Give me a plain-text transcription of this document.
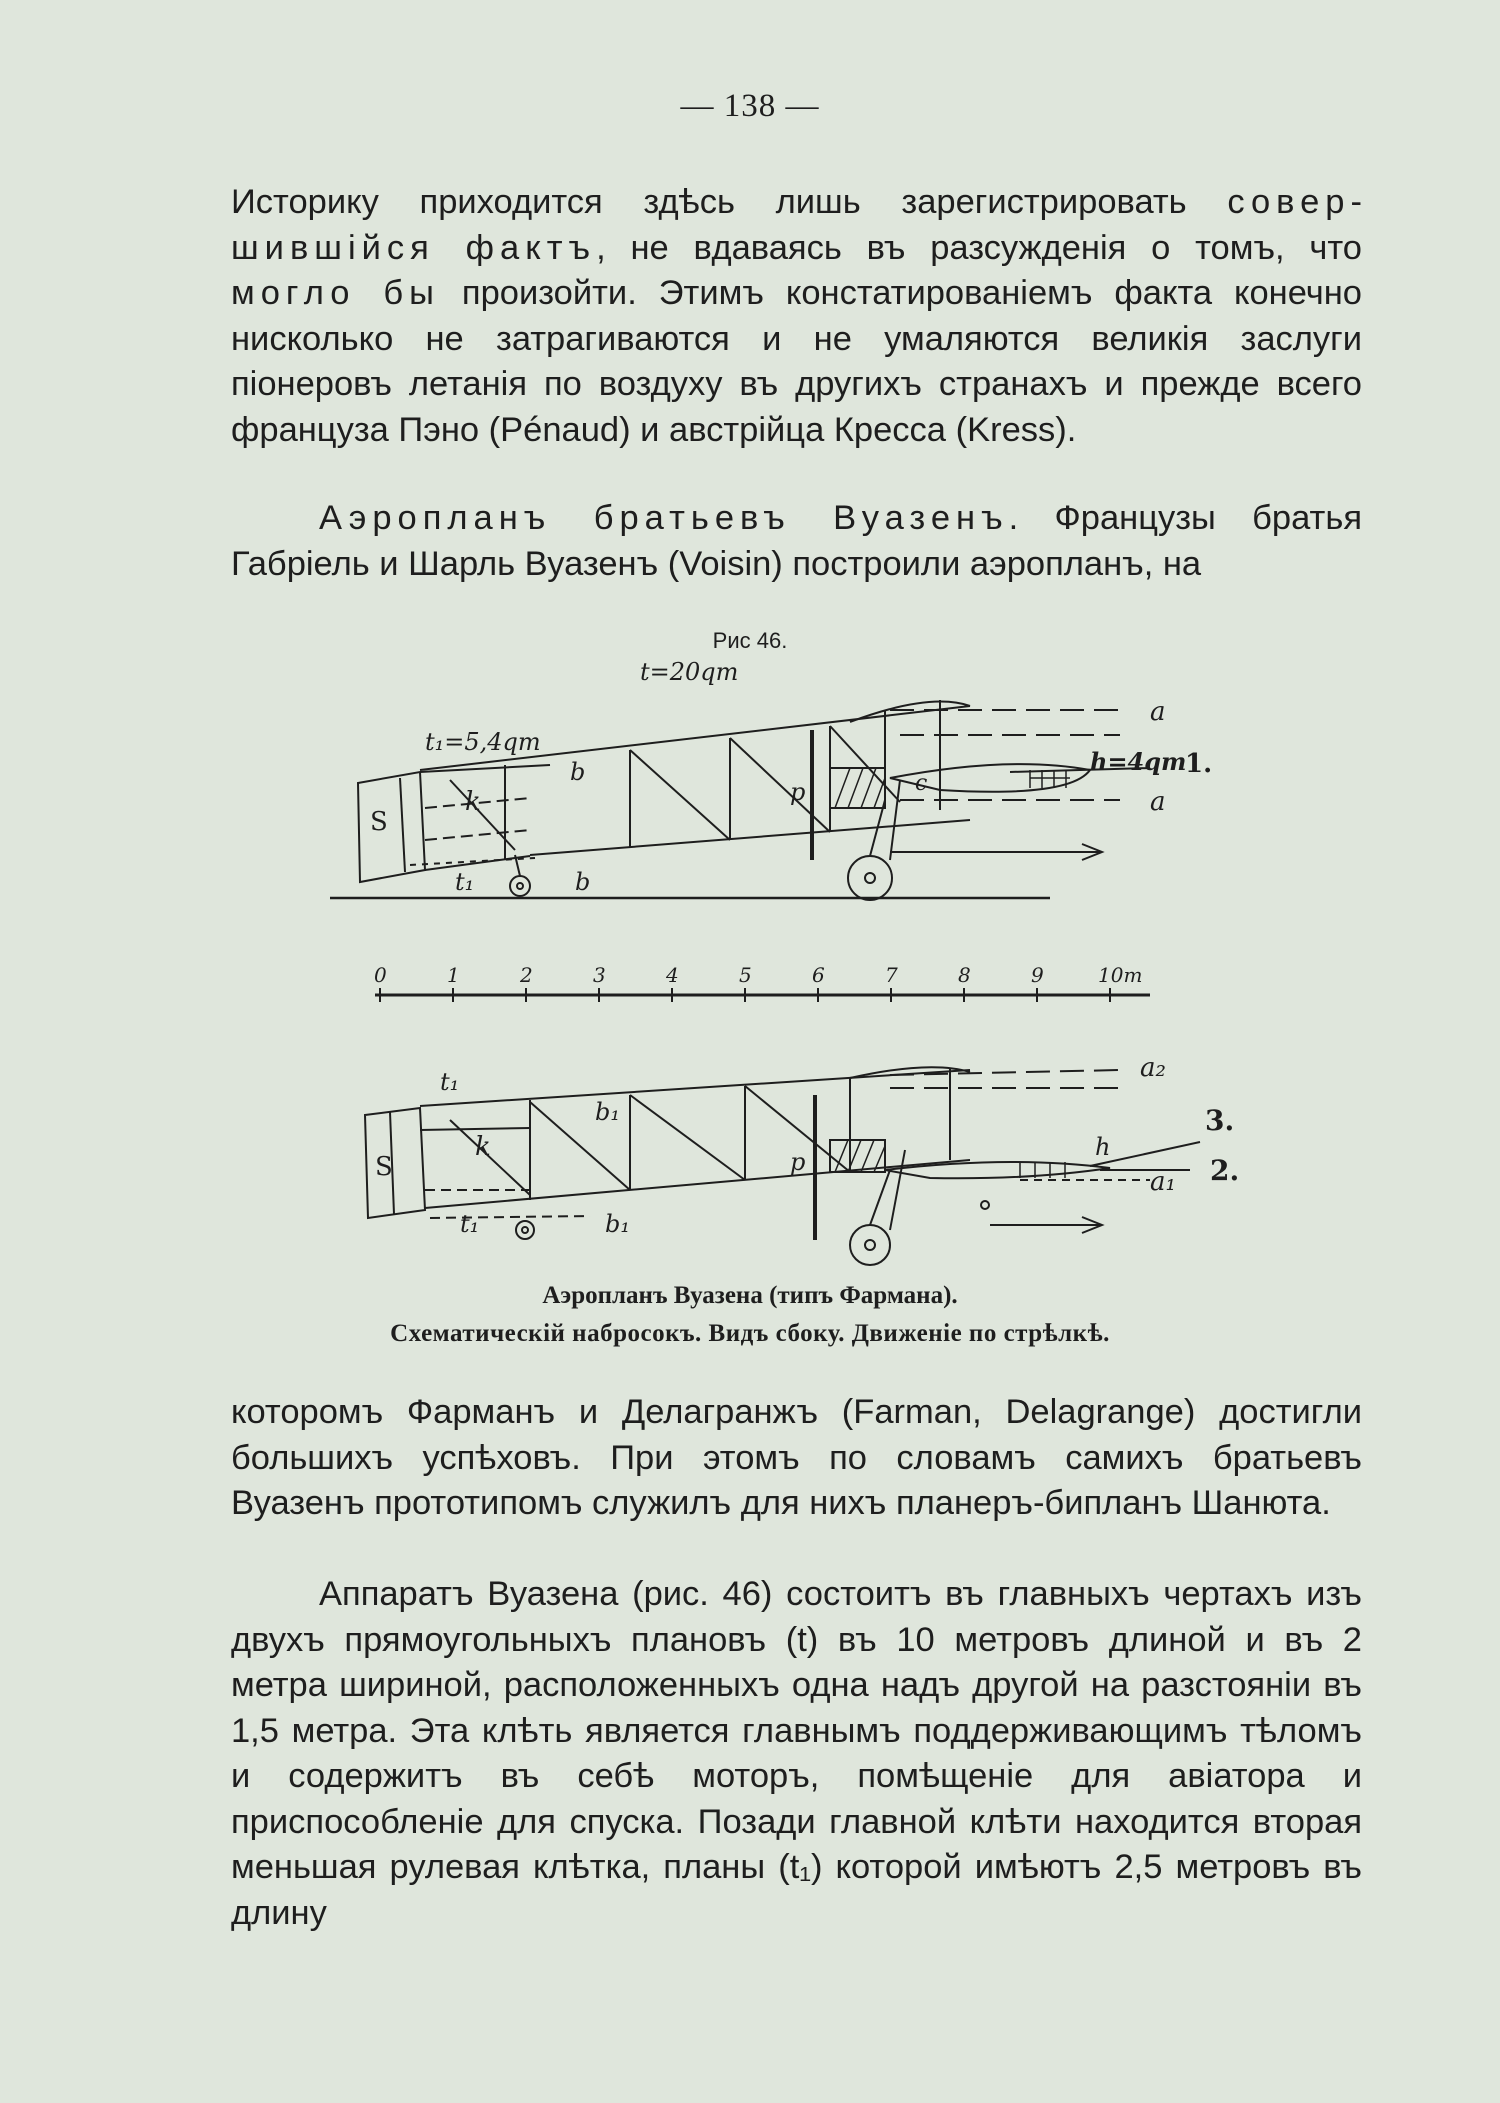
— 138 —

Историку приходится здѣсь лишь зарегистрировать совершившійся фактъ, не вдаваясь въ разсужденія о томъ, что могло бы произойти. Этимъ констатированіемъ факта конечно нисколько не затрагиваются и не умаляются великія заслуги піонеровъ летанія по воздуху въ другихъ странахъ и прежде всего француза Пэно (Pénaud) и австрійца Кресса (Kress).

Аэропланъ братьевъ Вуазенъ. Французы братья Габріель и Шарль Вуазенъ (Voisin) построили аэропланъ, на

Рис 46.
t=20qm
t₁=5,4qm
h=4qm
1.
a
a
S
k
b
b
p	c
t₁
0	1	2	3	4	5	6	7	8	9	10m
t₁
b₁
S
k	p
h
a₂
a₁
3.
2.
t₁	b₁
Аэропланъ Вуазена (типъ Фармана).
Схематическій набросокъ. Видъ сбоку. Движеніе по стрѣлкѣ.

которомъ Фарманъ и Делагранжъ (Farman, Delagrange) достигли большихъ успѣховъ. При этомъ по словамъ самихъ братьевъ Вуазенъ прототипомъ служилъ для нихъ планеръ-бипланъ Шанюта.

Аппаратъ Вуазена (рис. 46) состоитъ въ главныхъ чертахъ изъ двухъ прямоугольныхъ плановъ (t) въ 10 метровъ длиной и въ 2 метра шириной, расположенныхъ одна надъ другой на разстояніи въ 1,5 метра. Эта клѣть является главнымъ поддерживающимъ тѣломъ и содержитъ въ себѣ моторъ, помѣщеніе для авіатора и приспособленіе для спуска. Позади главной клѣти находится вторая меньшая рулевая клѣтка, планы (t₁) которой имѣютъ 2,5 метровъ въ длину
